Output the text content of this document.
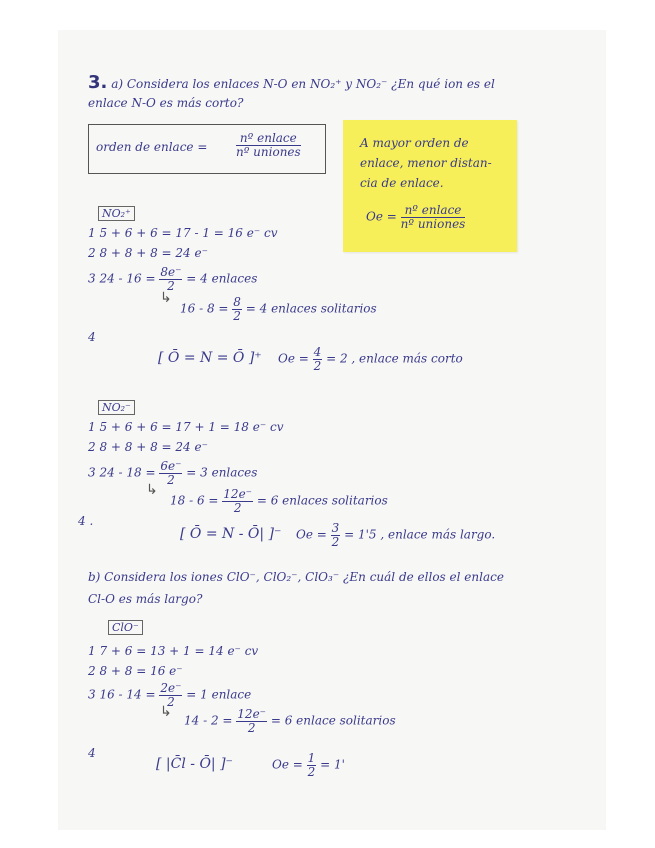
3. a) Considera los enlaces N-O en NO₂⁺ y NO₂⁻ ¿En qué ion es el
enlace N-O es más corto?
orden de enlace = $\frac{\text{nº enlace}}{\text{nº uniones}}$	A mayor orden de
enlace, menor distan-
cia de enlace.
$Oe = \frac{\text{nº enlace}}{\text{nº uniones}}$
NO₂⁺
1 5 + 6 + 6 = 17 - 1 = 16 e⁻ cv
2 8 + 8 + 8 = 24 e⁻
3 $24 - 16 = \frac{8e^-}{2} = 4$ enlaces
↳
$16 - 8 = \frac{8}{2} = 4$ enlaces solitarios
4
[ Ō = N = Ō ]⁺ $Oe = \frac{4}{2} = 2$ , enlace más corto
NO₂⁻
1 5 + 6 + 6 = 17 + 1 = 18 e⁻ cv
2 8 + 8 + 8 = 24 e⁻
3 $24 - 18 = \frac{6e^-}{2} = 3$ enlaces
↳
$18 - 6 = \frac{12e^-}{2} = 6$ enlaces solitarios
4 .
[ Ō = N - Ō| ]⁻ $Oe = \frac{3}{2} = 1'5$ , enlace más largo.
b) Considera los iones ClO⁻, ClO₂⁻, ClO₃⁻ ¿En cuál de ellos el enlace
Cl-O es más largo?
ClO⁻
1 7 + 6 = 13 + 1 = 14 e⁻ cv
2 8 + 8 = 16 e⁻
3 $16 - 14 = \frac{2e^-}{2} = 1$ enlace
↳
$14 - 2 = \frac{12e^-}{2} = 6$ enlace solitarios
4
[ |C̄l - Ō| ]⁻	$Oe = \frac{1}{2} = 1'$
